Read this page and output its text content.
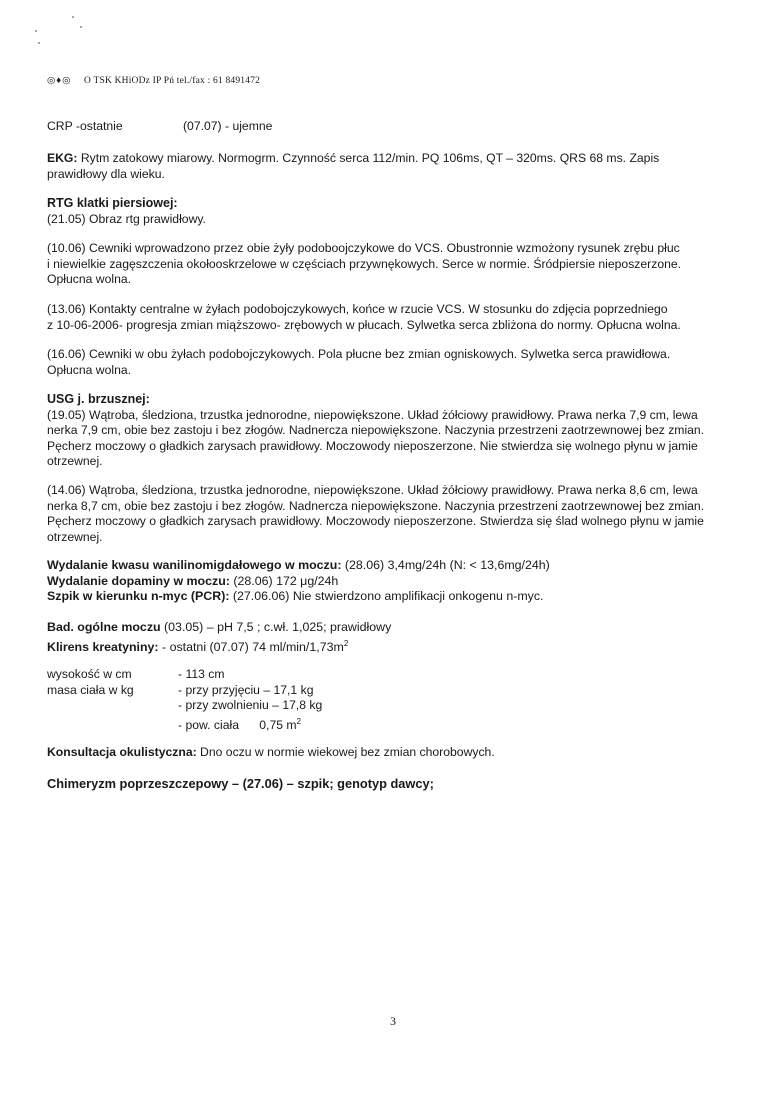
◎♦◎ O TSK KHiODz IP Pń tel./fax : 61 8491472
CRP -ostatnie	(07.07) - ujemne
EKG: Rytm zatokowy miarowy. Normogrm. Czynność serca 112/min. PQ 106ms, QT – 320ms. QRS 68 ms. Zapis
prawidłowy dla wieku.
RTG klatki piersiowej:
(21.05) Obraz rtg prawidłowy.
(10.06) Cewniki wprowadzono przez obie żyły podoboojczykowe do VCS. Obustronnie wzmożony rysunek zrębu płuc
i niewielkie zagęszczenia okołooskrzelowe w częściach przywnękowych. Serce w normie. Śródpiersie nieposzerzone.
Opłucna wolna.
(13.06) Kontakty centralne w żyłach podobojczykowych, końce w rzucie VCS. W stosunku do zdjęcia poprzedniego
z 10-06-2006- progresja zmian miąższowo- zrębowych w płucach. Sylwetka serca zbliżona do normy. Opłucna wolna.
(16.06) Cewniki w obu żyłach podobojczykowych. Pola płucne bez zmian ogniskowych. Sylwetka serca prawidłowa.
Opłucna wolna.
USG j. brzusznej:
(19.05) Wątroba, śledziona, trzustka jednorodne, niepowiększone. Układ żółciowy prawidłowy. Prawa nerka 7,9 cm, lewa
nerka 7,9 cm, obie bez zastoju i bez złogów. Nadnercza niepowiększone. Naczynia przestrzeni zaotrzewnowej bez zmian.
Pęcherz moczowy o gładkich zarysach prawidłowy. Moczowody nieposzerzone. Nie stwierdza się wolnego płynu w jamie
otrzewnej.
(14.06) Wątroba, śledziona, trzustka jednorodne, niepowiększone. Układ żółciowy prawidłowy. Prawa nerka 8,6 cm, lewa
nerka 8,7 cm, obie bez zastoju i bez złogów. Nadnercza niepowiększone. Naczynia przestrzeni zaotrzewnowej bez zmian.
Pęcherz moczowy o gładkich zarysach prawidłowy. Moczowody nieposzerzone. Stwierdza się ślad wolnego płynu w jamie
otrzewnej.
Wydalanie kwasu wanilinomigdałowego w moczu: (28.06) 3,4mg/24h (N: < 13,6mg/24h)
Wydalanie dopaminy w moczu: (28.06) 172 μg/24h
Szpik w kierunku n-myc (PCR): (27.06.06) Nie stwierdzono amplifikacji onkogenu n-myc.
Bad. ogólne moczu (03.05) – pH 7,5 ; c.wł. 1,025; prawidłowy
Klirens kreatyniny: - ostatni (07.07) 74 $ml/\min/1,73m^2$
wysokość w cm
masa ciała w kg
- 113 cm
- przy przyjęciu – 17,1 kg
- przy zwolnieniu – 17,8 kg
- pow. ciała      0,75 $m^2$
Konsultacja okulistyczna: Dno oczu w normie wiekowej bez zmian chorobowych.
Chimeryzm poprzeszczepowy – (27.06) – szpik; genotyp dawcy;
3
